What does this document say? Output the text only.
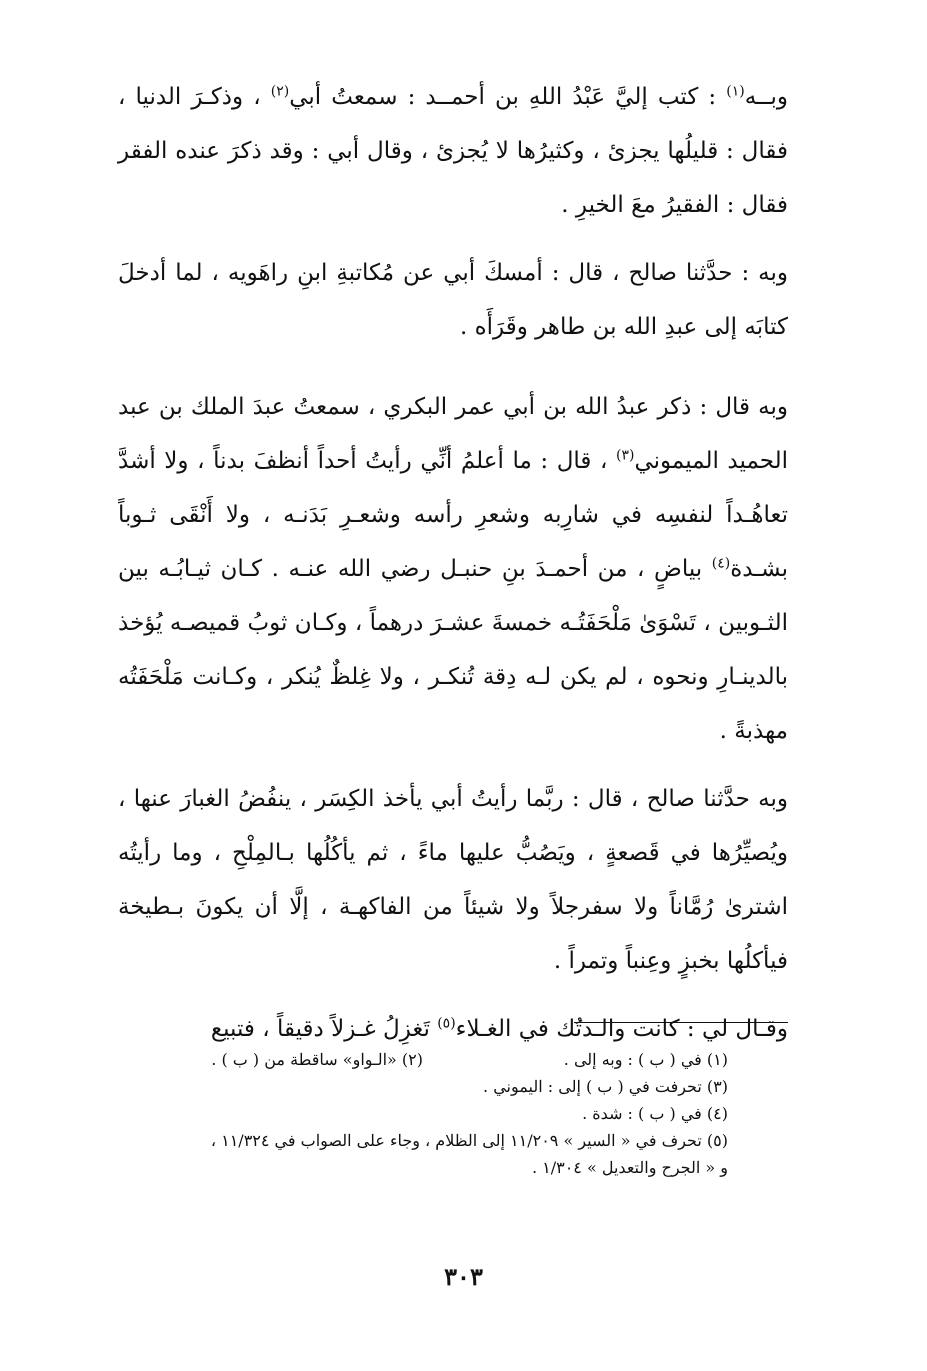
وبــه$^{(١)}$ : كتب إليَّ عَبْدُ اللهِ بن أحمــد : سمعتُ أبي$^{(٢)}$ ، وذكـرَ الدنيا ، فقال : قليلُها يجزئ ، وكثيرُها لا يُجزئ ، وقال أبي : وقد ذكرَ عنده الفقر فقال : الفقيرُ معَ الخيرِ .

وبه : حدَّثنا صالح ، قال : أمسكَ أبي عن مُكاتبةِ ابنِ راهَويه ، لما أدخلَ كتابَه إلى عبدِ الله بن طاهر وقَرَأَه .

وبه قال : ذكر عبدُ الله بن أبي عمر البكري ، سمعتُ عبدَ الملك بن عبد الحميد الميموني$^{(٣)}$ ، قال : ما أعلمُ أنِّي رأيتُ أحداً أنظفَ بدناً ، ولا أشدَّ تعاهُـداً لنفسِه في شارِبه وشعرِ رأسه وشعـرِ بَدَنـه ، ولا أَنْقَى ثـوباً بشـدة$^{(٤)}$ بياضٍ ، من أحمـدَ بنِ حنبـل رضي الله عنـه . كـان ثيـابُـه بين الثـوبين ، تَسْوَىٰ مَلْحَفَتُـه خمسةَ عشـرَ درهماً ، وكـان ثوبُ قميصـه يُؤخذ بالدينـارِ ونحوه ، لم يكن لـه دِقة تُنكـر ، ولا غِلظٌ يُنكر ، وكـانت مَلْحَفَتُه مهذبةً .

وبه حدَّثنا صالح ، قال : ربَّما رأيتُ أبي يأخذ الكِسَر ، ينفُضُ الغبارَ عنها ، ويُصيِّرُها في قَصعةٍ ، ويَصُبُّ عليها ماءً ، ثم يأكُلُها بـالمِلْحِ ، وما رأيتُه اشترىٰ رُمَّاناً ولا سفرجلاً ولا شيئاً من الفاكهـة ، إلَّا أن يكونَ بـطيخة فيأكلُها بخبزٍ وعِنباً وتمراً .

وقـال لي : كانت والـدتُك في الغـلاء$^{(٥)}$ تَغزِلُ غـزلاً دقيقاً ، فتبيع

(١) في ( ب ) : وبه إلى .
(٢) «الـواو» ساقطة من ( ب ) .
(٣) تحرفت في ( ب ) إلى : اليموني .
(٤) في ( ب ) : شدة .
(٥) تحرف في « السير » ١١/٢٠٩ إلى الظلام ، وجاء على الصواب في ١١/٣٢٤ ،
و « الجرح والتعديل » ١/٣٠٤ .
٣٠٣
